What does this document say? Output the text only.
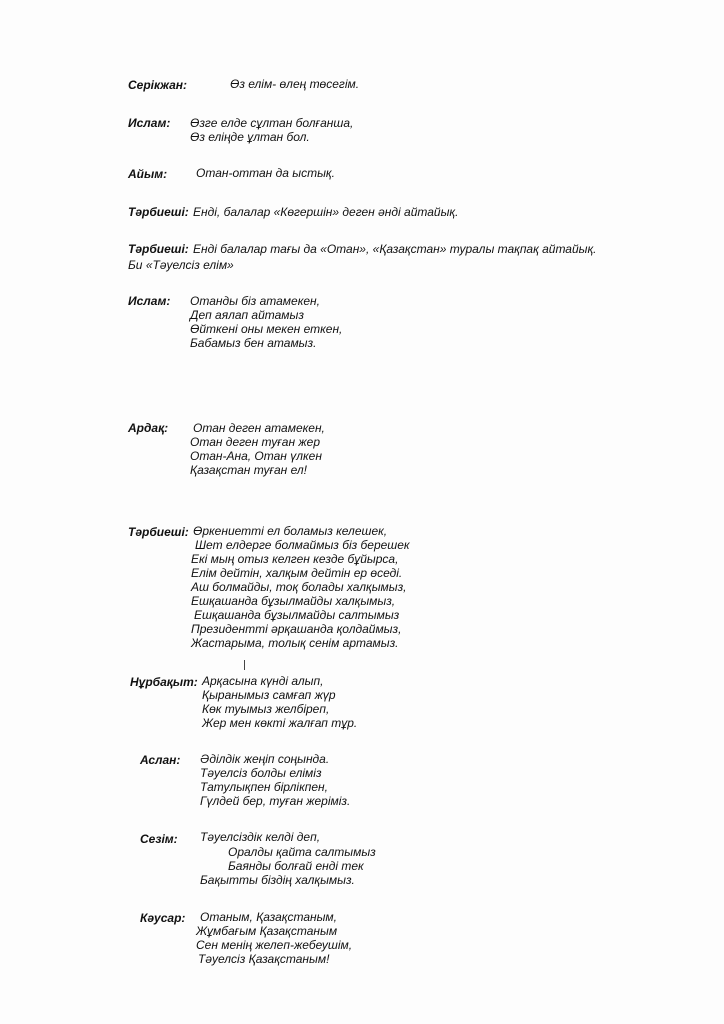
Серікжан:	Өз елім- өлең төсегім.
Ислам: Өзге елде сұлтан болғанша,
Өз еліңде ұлтан бол.
Айым: Отан-оттан да ыстық.
Тәрбиеші: Енді, балалар «Көгершін» деген әнді айтайық.
Тәрбиеші: Енді балалар тағы да «Отан», «Қазақстан» туралы тақпақ айтайық.
Би «Тәуелсіз елім»
Ислам: Отанды біз атамекен,
Деп аялап айтамыз
Өйткені оны мекен еткен,
Бабамыз бен атамыз.
Ардақ: Отан деген атамекен,
Отан деген туған жер
Отан-Ана, Отан үлкен
Қазақстан туған ел!
Тәрбиеші: Өркениетті ел боламыз келешек,
Шет елдерге болмаймыз біз берешек
Екі мың отыз келген кезде бұйырса,
Елім дейтін, халқым дейтін ер өседі.
Аш болмайды, тоқ болады халқымыз,
Ешқашанда бұзылмайды халқымыз,
Ешқашанда бұзылмайды салтымыз
Президентті әрқашанда қолдаймыз,
Жастарыма, толық сенім артамыз.
Нұрбақыт: Арқасына күнді алып,
Қыранымыз самғап жүр
Көк туымыз желбіреп,
Жер мен көкті жалғап тұр.
Аслан: Әділдік жеңіп соңында.
Тәуелсіз болды еліміз
Татулықпен бірлікпен,
Гүлдей бер, туған жеріміз.
Сезім: Тәуелсіздік келді деп,
Оралды қайта салтымыз
Баянды болғай енді тек
Бақытты біздің халқымыз.
Кәусар: Отаным, Қазақстаным,
Жұмбағым Қазақстаным
Сен менің желеп-жебеушім,
Тәуелсіз Қазақстаным!
